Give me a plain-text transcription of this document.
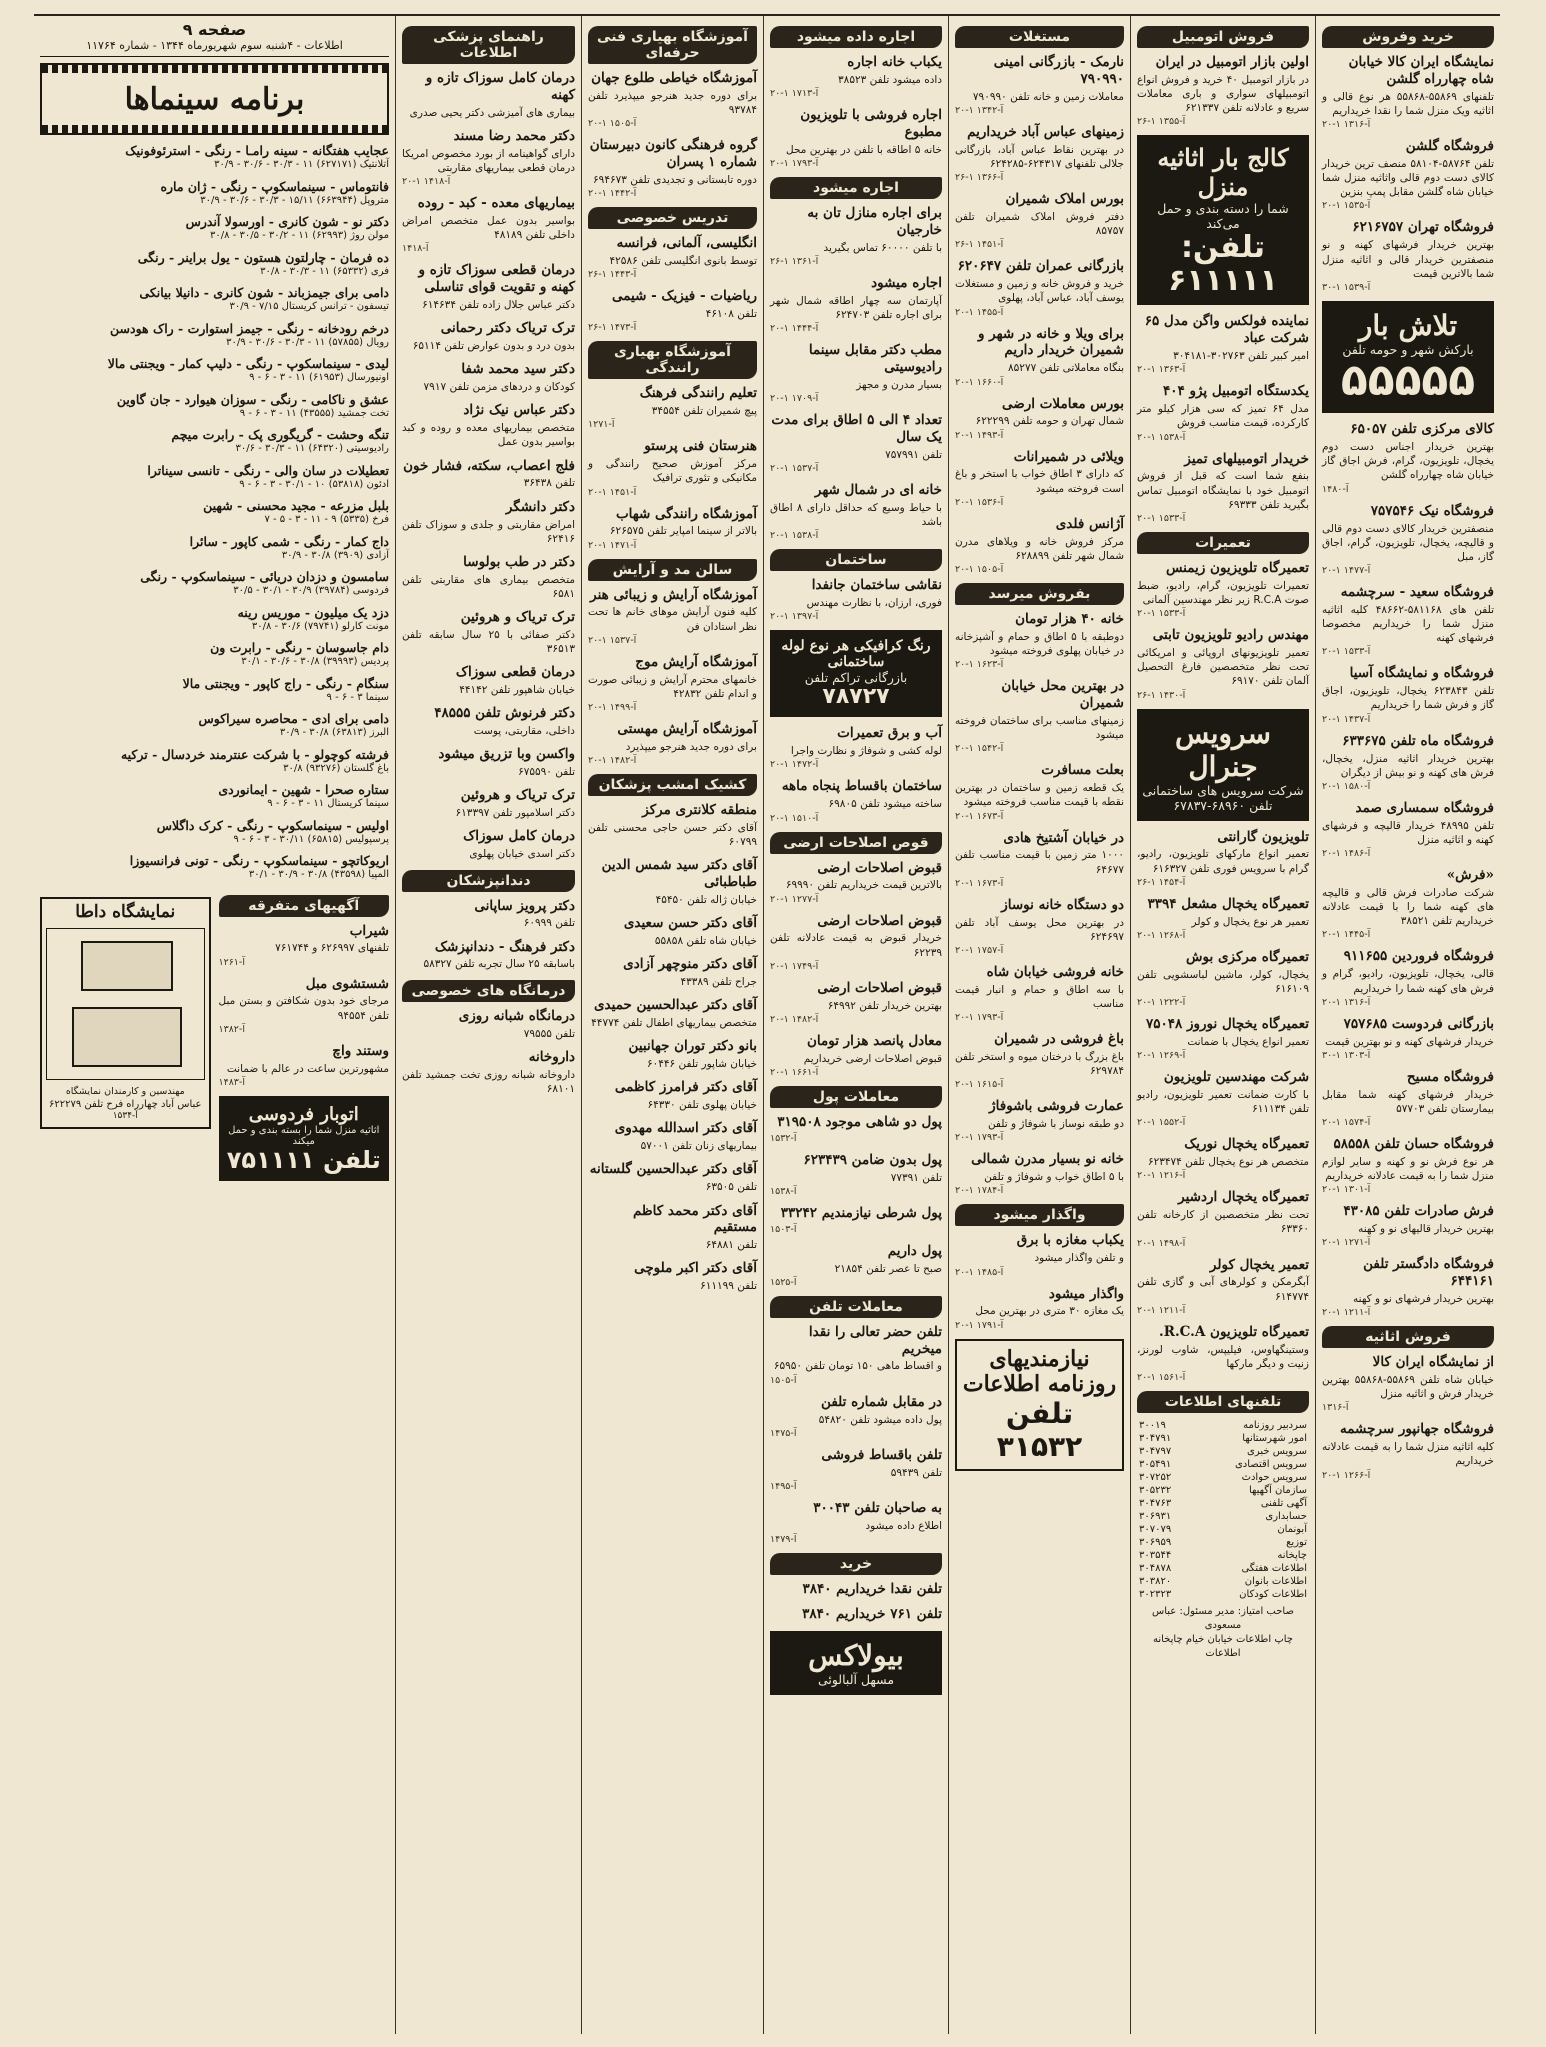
خرید وفروش
نمایشگاه ایران کالا خیابان شاه چهارراه گلشن

تلفنهای ۵۵۸۶۹-۵۵۸۶۸ هر نوع قالی و اثاثیه ویک منزل شما را نقدا خریداریم

۲۰-۱ آ-۱۳۱۶
فروشگاه گلشن

تلفن ۵۸۷۶۴-۵۸۱۰۴ منصف ترین خریدار کالای دست دوم قالی واثاثیه منزل شما خیابان شاه گلشن مقابل پمپ بنزین

۲۰-۱ آ-۱۵۳۵
فروشگاه تهران ۶۲۱۶۷۵۷

بهترین خریدار فرشهای کهنه و نو منصفترین خریدار قالی و اثاثیه منزل شما بالاترین قیمت

۳۰-۱ آ-۱۵۳۹
تلاش بار
بارکش شهر و حومه تلفن
۵۵۵۵۵
کالای مرکزی تلفن ۶۵۰۵۷

بهترین خریدار اجناس دست دوم یخچال، تلویزیون، گرام، فرش اجاق گاز خیابان شاه چهارراه گلشن

آ-۱۴۸۰
فروشگاه نیک ۷۵۷۵۴۶

منصفترین خریدار کالای دست دوم قالی و قالیچه، یخچال، تلویزیون، گرام، اجاق گاز، مبل

۲۰-۱ آ-۱۴۷۷
فروشگاه سعید - سرچشمه

تلفن های ۵۸۱۱۶۸-۴۸۶۶۲ کلیه اثاثیه منزل شما را خریداریم مخصوصا فرشهای کهنه

۲۰-۱ آ-۱۵۳۳
فروشگاه و نمایشگاه آسیا

تلفن ۶۲۳۸۴۳ یخچال، تلویزیون، اجاق گاز و فرش شما را خریداریم

۲۰-۱ آ-۱۴۳۷
فروشگاه ماه تلفن ۶۳۳۶۷۵

بهترین خریدار اثاثیه منزل، یخچال، فرش های کهنه و نو بیش از دیگران

۲۰-۱ آ-۱۵۸۰
فروشگاه سمساری صمد

تلفن ۴۸۹۹۵ خریدار قالیچه و فرشهای کهنه و اثاثیه منزل

۲۰-۱ آ-۱۴۸۶
«فرش»

شرکت صادرات فرش قالی و قالیچه های کهنه شما را با قیمت عادلانه خریداریم تلفن ۳۸۵۲۱

۲۰-۱ آ-۱۴۴۵
فروشگاه فروردین ۹۱۱۶۵۵

قالی، یخچال، تلویزیون، رادیو، گرام و فرش های کهنه شما را خریداریم

۲۰-۱ آ-۱۳۱۶
بازرگانی فردوست ۷۵۷۶۸۵

خریدار فرشهای کهنه و نو بهترین قیمت

۳۰-۱ آ-۱۳۰۳
فروشگاه مسیح

خریدار فرشهای کهنه شما مقابل بیمارستان تلفن ۵۷۷۰۳

۲۰-۱ آ-۱۵۷۴
فروشگاه حسان تلفن ۵۸۵۵۸

هر نوع فرش نو و کهنه و سایر لوازم منزل شما را به قیمت عادلانه خریداریم

۲۰-۱ آ-۱۳۰۱
فرش صادرات تلفن ۴۳۰۸۵

بهترین خریدار قالیهای نو و کهنه

۲۰-۱ آ-۱۲۷۱
فروشگاه دادگستر تلفن ۶۴۴۱۶۱

بهترین خریدار فرشهای نو و کهنه

۲۰-۱ آ-۱۲۱۱
فروش اثاثیه
از نمایشگاه ایران کالا

خیابان شاه تلفن ۵۵۸۶۹-۵۵۸۶۸ بهترین خریدار فرش و اثاثیه منزل

آ-۱۳۱۶
فروشگاه جهانپور سرچشمه

کلیه اثاثیه منزل شما را به قیمت عادلانه خریداریم

۲۰-۱ آ-۱۲۶۶
فروش اتومبیل
اولین بازار اتومبیل در ایران

در بازار اتومبیل ۴۰ خرید و فروش انواع اتومبیلهای سواری و باری معاملات سریع و عادلانه تلفن ۶۲۱۳۳۷

۲۶-۱ آ-۱۳۵۵
کالج بار اثاثیه منزل
شما را دسته بندی و حمل می‌کند
تلفن: ۶۱۱۱۱۱
نماینده فولکس واگن مدل ۶۵ شرکت عباد

امیر کبیر تلفن ۳۰۲۷۶۳-۳۰۴۱۸۱

۲۰-۱ آ-۱۳۶۳
یکدستگاه اتومبیل پژو ۴۰۴

مدل ۶۴ تمیز که سی هزار کیلو متر کارکرده، قیمت مناسب فروش

۲۰-۱ آ-۱۵۳۸
خریدار اتومبیلهای تمیز

بنفع شما است که قبل از فروش اتومبیل خود با نمایشگاه اتومبیل تماس بگیرید تلفن ۶۹۳۳۳

۲۰-۱ آ-۱۵۳۳
تعمیرات
تعمیرگاه تلویزیون زیمنس

تعمیرات تلویزیون، گرام، رادیو، ضبط صوت R.C.A زیر نظر مهندسین آلمانی

۲۰-۱ آ-۱۵۳۳
مهندس رادیو تلویزیون تابتی

تعمیر تلویزیونهای اروپائی و امریکائی تحت نظر متخصصین فارغ التحصیل آلمان تلفن ۶۹۱۷۰

۲۶-۱ آ-۱۴۳۰
سرویس جنرال
شرکت سرویس های ساختمانی تلفن ۶۸۹۶۰-۶۷۸۳۷
تلویزیون گارانتی

تعمیر انواع مارکهای تلویزیون، رادیو، گرام با سرویس فوری تلفن ۶۱۶۳۲۷

۲۶-۱ آ-۱۴۵۴
تعمیرگاه یخچال مشعل ۳۳۹۴

تعمیر هر نوع یخچال و کولر

۲۰-۱ آ-۱۲۶۸
تعمیرگاه مرکزی بوش

یخچال، کولر، ماشین لباسشویی تلفن ۶۱۶۱۰۹

۲۰-۱ آ-۱۲۲۲
تعمیرگاه یخچال نوروز ۷۵۰۴۸

تعمیر انواع یخچال با ضمانت

۲۰-۱ آ-۱۲۶۹
شرکت مهندسین تلویزیون

با کارت ضمانت تعمیر تلویزیون، رادیو تلفن ۶۱۱۱۳۴

۲۰-۱ آ-۱۵۵۲
تعمیرگاه یخچال نوریک

متخصص هر نوع یخچال تلفن ۶۲۳۴۷۴

۲۰-۱ آ-۱۲۱۶
تعمیرگاه یخچال اردشیر

تحت نظر متخصصین از کارخانه تلفن ۶۳۳۶۰

۲۰-۱ آ-۱۴۹۸
تعمیر یخچال کولر

آبگرمکن و کولرهای آبی و گازی تلفن ۶۱۴۷۷۴

۲۰-۱ آ-۱۲۱۱
تعمیرگاه تلویزیون R.C.A.

وستینگهاوس، فیلیپس، شاوب لورنز، زنیت و دیگر مارکها

۲۰-۱ آ-۱۵۶۱
تلفنهای اطلاعات
سردبیر روزنامه	۳۰۰۱۹
امور شهرستانها	۳۰۴۷۹۱
سرویس خبری	۳۰۴۷۹۷
سرویس اقتصادی	۳۰۵۴۹۱
سرویس حوادث	۳۰۷۲۵۲
سازمان آگهیها	۳۰۵۲۳۲
آگهی تلفنی	۳۰۴۷۶۳
حسابداری	۳۰۶۹۳۱
آبونمان	۳۰۷۰۷۹
توزیع	۳۰۶۹۵۹
چاپخانه	۳۰۳۵۴۴
اطلاعات هفتگی	۳۰۴۸۷۸
اطلاعات بانوان	۳۰۳۸۲۰
اطلاعات کودکان	۳۰۲۳۲۳
صاحب امتیاز: مدیر مسئول: عباس مسعودی
چاپ اطلاعات خیابان خیام چاپخانه اطلاعات
مستغلات
نارمک - بازرگانی امینی ۷۹۰۹۹۰

معاملات زمین و خانه تلفن ۷۹۰۹۹۰

۲۰-۱ آ-۱۳۴۲
زمینهای عباس آباد خریداریم

در بهترین نقاط عباس آباد، بازرگانی جلالی تلفنهای ۶۲۴۳۱۷-۶۲۴۲۸۵

۲۶-۱ آ-۱۳۶۶
بورس املاک شمیران

دفتر فروش املاک شمیران تلفن ۸۵۷۵۷

۲۶-۱ آ-۱۴۵۱
بازرگانی عمران تلفن ۶۲۰۶۴۷

خرید و فروش خانه و زمین و مستغلات یوسف آباد، عباس آباد، پهلوی

۲۰-۱ آ-۱۴۵۵
برای ویلا و خانه در شهر و شمیران خریدار داریم

بنگاه معاملاتی تلفن ۸۵۲۷۷

۲۰-۱ آ-۱۶۶۰
بورس معاملات ارضی

شمال تهران و حومه تلفن ۶۲۲۲۹۹

۲۰-۱ آ-۱۴۹۳
ویلائی در شمیرانات

که دارای ۳ اطاق خواب با استخر و باغ است فروخته میشود

۲۰-۱ آ-۱۵۳۶
آژانس فلدی

مرکز فروش خانه و ویلاهای مدرن شمال شهر تلفن ۶۲۸۸۹۹

۲۰-۱ آ-۱۵۰۵
بفروش میرسد
خانه ۴۰ هزار تومان

دوطبقه با ۵ اطاق و حمام و آشپزخانه در خیابان پهلوی فروخته میشود

۲۰-۱ آ-۱۶۲۳
در بهترین محل خیابان شمیران

زمینهای مناسب برای ساختمان فروخته میشود

۲۰-۱ آ-۱۵۴۲
بعلت مسافرت

یک قطعه زمین و ساختمان در بهترین نقطه با قیمت مناسب فروخته میشود

۲۰-۱ آ-۱۶۷۳
در خیابان آشتیخ هادی

۱۰۰۰ متر زمین با قیمت مناسب تلفن ۶۴۶۷۷

۲۰-۱ آ-۱۶۷۳
دو دستگاه خانه نوساز

در بهترین محل یوسف آباد تلفن ۶۲۴۶۹۷

۲۰-۱ آ-۱۷۵۷
خانه فروشی خیابان شاه

با سه اطاق و حمام و انبار قیمت مناسب

۲۰-۱ آ-۱۷۹۳
باغ فروشی در شمیران

باغ بزرگ با درختان میوه و استخر تلفن ۶۲۹۷۸۴

۲۰-۱ آ-۱۶۱۵
عمارت فروشی باشوفاژ

دو طبقه نوساز با شوفاژ و تلفن

۲۰-۱ آ-۱۷۹۳
خانه نو بسیار مدرن شمالی

با ۵ اطاق خواب و شوفاژ و تلفن

۲۰-۱ آ-۱۷۸۴
واگذار میشود
یکباب مغازه با برق

و تلفن واگذار میشود

۲۰-۱ آ-۱۴۸۵
واگذار میشود

یک مغازه ۳۰ متری در بهترین محل

۲۰-۱ آ-۱۷۹۱
نیازمندیهای روزنامه اطلاعات
تلفن ۳۱۵۳۲
اجاره داده میشود
یکباب خانه اجاره

داده میشود تلفن ۳۸۵۲۳

۲۰-۱ آ-۱۷۱۳
اجاره فروشی با تلویزیون مطبوع

خانه ۵ اطاقه با تلفن در بهترین محل

۲۰-۱ آ-۱۷۹۳
اجاره میشود
برای اجاره منازل تان به خارجیان

با تلفن ۶۰۰۰۰ تماس بگیرید

۲۶-۱ آ-۱۳۶۱
اجاره میشود

آپارتمان سه چهار اطاقه شمال شهر برای اجاره تلفن ۶۲۴۷۰۳

۲۰-۱ آ-۱۴۴۴
مطب دکتر مقابل سینما رادیوسیتی

بسیار مدرن و مجهز

۲۰-۱ آ-۱۷۰۹
تعداد ۴ الی ۵ اطاق برای مدت یک سال

تلفن ۷۵۷۹۹۱

۲۰-۱ آ-۱۵۳۷
خانه ای در شمال شهر

با حیاط وسیع که حداقل دارای ۸ اطاق باشد

۲۰-۱ آ-۱۵۳۸
ساختمان
نقاشی ساختمان جانفدا

فوری، ارزان، با نظارت مهندس

۲۰-۱ آ-۱۳۹۷
رنگ کرافیکی هر نوع لوله ساختمانی
بازرگانی تراکم تلفن
۷۸۷۲۷
آب و برق تعمیرات

لوله کشی و شوفاژ و نظارت واجرا

۲۰-۱ آ-۱۴۷۲
ساختمان باقساط پنجاه ماهه

ساخته میشود تلفن ۶۹۸۰۵

۲۰-۱ آ-۱۵۱۰
قوص اصلاحات ارضی
قبوض اصلاحات ارضی

بالاترین قیمت خریداریم تلفن ۶۹۹۹۰

۲۰-۱ آ-۱۲۷۷
قبوض اصلاحات ارضی

خریدار قبوض به قیمت عادلانه تلفن ۶۲۲۳۹

۲۰-۱ آ-۱۷۴۹
قبوض اصلاحات ارضی

بهترین خریدار تلفن ۶۴۹۹۲

۲۰-۱ آ-۱۴۸۲
معادل پانصد هزار تومان

قبوض اصلاحات ارضی خریداریم

۲۰-۱ آ-۱۶۶۱
معاملات پول
پول دو شاهی موجود ۳۱۹۵۰۸

آ-۱۵۳۲
پول بدون ضامن ۶۲۳۴۳۹

تلفن ۷۷۳۹۱

آ-۱۵۳۸
پول شرطی نیازمندیم ۳۳۲۴۲

آ-۱۵۰۳
پول داریم

صبح تا عصر تلفن ۲۱۸۵۴

آ-۱۵۲۵
معاملات تلفن
تلفن حضر تعالی را نقدا میخریم

و اقساط ماهی ۱۵۰ تومان تلفن ۶۵۹۵۰

آ-۱۵۰۵
در مقابل شماره تلفن

پول داده میشود تلفن ۵۴۸۲۰

آ-۱۴۷۵
تلفن باقساط فروشی

تلفن ۵۹۴۳۹

آ-۱۴۹۵
به صاحبان تلفن ۳۰۰۴۳

اطلاع داده میشود

آ-۱۴۷۹
خرید
تلفن نقدا خریداریم ۳۸۴۰

تلفن ۷۶۱ خریداریم ۳۸۴۰

بیولاکس
مسهل آلبالوئی
آموزشگاه بهیاری فنی حرفه‌ای
آموزشگاه خیاطی طلوع جهان

برای دوره جدید هنرجو میپذیرد تلفن ۹۳۷۸۴

۲۰-۱ آ-۱۵۰۵
گروه فرهنگی کانون دبیرستان شماره ۱ پسران

دوره تابستانی و تجدیدی تلفن ۶۹۴۶۷۳

۲۰-۱ آ-۱۴۴۲
تدریس خصوصی
انگلیسی، آلمانی، فرانسه

توسط بانوی انگلیسی تلفن ۴۲۵۸۶

۲۶-۱ آ-۱۴۴۳
ریاضیات - فیزیک - شیمی

تلفن ۴۶۱۰۸

۲۶-۱ آ-۱۴۷۳
آموزشگاه بهیاری رانندگی
تعلیم رانندگی فرهنگ

پیچ شمیران تلفن ۳۴۵۵۴

آ-۱۲۷۱
هنرستان فنی پرستو

مرکز آموزش صحیح رانندگی و مکانیکی و تئوری ترافیک

۲۰-۱ آ-۱۴۵۱
آموزشگاه رانندگی شهاب

بالاتر از سینما امپایر تلفن ۶۲۶۵۷۵

۲۰-۱ آ-۱۴۷۱
سالن مد و آرایش
آموزشگاه آرایش و زیبائی هنر

کلیه فنون آرایش موهای خانم ها تحت نظر استادان فن

۲۰-۱ آ-۱۵۳۷
آموزشگاه آرایش موج

خانمهای محترم آرایش و زیبائی صورت و اندام تلفن ۴۲۸۳۲

۲۰-۱ آ-۱۴۹۹
آموزشگاه آرایش مهستی

برای دوره جدید هنرجو میپذیرد

۲۰-۱ آ-۱۴۸۲
کشیک امشب پزشکان
منطقه کلانتری مرکز

آقای دکتر حسن حاجی محسنی تلفن ۶۰۷۹۹

آقای دکتر سید شمس الدین طباطبائی

خیابان ژاله تلفن ۴۵۴۵۰

آقای دکتر حسن سعیدی

خیابان شاه تلفن ۵۵۸۵۸

آقای دکتر منوچهر آزادی

جراح تلفن ۴۳۳۸۹

آقای دکتر عبدالحسین حمیدی

متخصص بیماریهای اطفال تلفن ۴۴۷۷۴

بانو دکتر توران جهانبین

خیابان شاپور تلفن ۶۰۴۴۶

آقای دکتر فرامرز کاظمی

خیابان پهلوی تلفن ۶۴۳۳۰

آقای دکتر اسدالله مهدوی

بیماریهای زنان تلفن ۵۷۰۰۱

آقای دکتر عبدالحسین گلستانه

تلفن ۶۳۵۰۵

آقای دکتر محمد کاظم مستقیم

تلفن ۶۴۸۸۱

آقای دکتر اکبر ملوچی

تلفن ۶۱۱۱۹۹

راهنمای پزشکی اطلاعات
درمان کامل سوزاک تازه و کهنه

بیماری های آمیزشی دکتر یحیی صدری

دکتر محمد رضا مسند

دارای گواهینامه از بورد مخصوص امریکا درمان قطعی بیماریهای مقاربتی

۲۰-۱ آ-۱۴۱۸
بیماریهای معده - کبد - روده

بواسیر بدون عمل متخصص امراض داخلی تلفن ۴۸۱۸۹

آ-۱۴۱۸
درمان قطعی سوزاک تازه و کهنه و تقویت قوای تناسلی

دکتر عباس جلال زاده تلفن ۶۱۴۶۳۴

ترک تریاک دکتر رحمانی

بدون درد و بدون عوارض تلفن ۶۵۱۱۴

دکتر سید محمد شفا

کودکان و دردهای مزمن تلفن ۷۹۱۷

دکتر عباس نیک نژاد

متخصص بیماریهای معده و روده و کبد بواسیر بدون عمل

فلج اعصاب، سکته، فشار خون

تلفن ۳۶۴۳۸

دکتر دانشگر

امراض مقاربتی و جلدی و سوزاک تلفن ۶۲۴۱۶

دکتر در طب بولوسا

متخصص بیماری های مقاربتی تلفن ۶۵۸۱

ترک تریاک و هروئین

دکتر صفائی با ۲۵ سال سابقه تلفن ۳۶۵۱۳

درمان قطعی سوزاک

خیابان شاهپور تلفن ۴۴۱۴۲

دکتر فرنوش تلفن ۴۸۵۵۵

داخلی، مقاربتی، پوست

واکسن وبا تزریق میشود

تلفن ۶۷۵۵۹۰

ترک تریاک و هروئین

دکتر اسلامپور تلفن ۶۱۳۳۹۷

درمان کامل سوزاک

دکتر اسدی خیابان پهلوی

دندانپزشکان
دکتر پرویز ساپانی

تلفن ۶۰۹۹۹

دکتر فرهنگ - دندانپزشک

باسابقه ۲۵ سال تجربه تلفن ۵۸۳۲۷

درمانگاه های خصوصی
درمانگاه شبانه روزی

تلفن ۷۹۵۵۵

داروخانه

داروخانه شبانه روزی تخت جمشید تلفن ۶۸۱۰۱

صفحه ۹
اطلاعات - ۴شنبه سوم شهریورماه ۱۳۴۴ - شماره ۱۱۷۶۴
برنامه سینماها
عجایب هفتگانه - سینه رامـا - رنگی - استرئوفونیک

آتلانتیک (۶۲۷۱۷۱) ۱۱ - ۳۰/۳ - ۳۰/۶ - ۳۰/۹

فانتوماس - سینماسکوپ - رنگی - ژان ماره

متروپل (۶۶۳۹۴۴) ۱۵/۱۱ - ۳۰/۳ - ۳۰/۶ - ۳۰/۹

دکتر نو - شون کانری - اورسولا آندرس

مولن روژ (۶۲۹۹۳) ۱۱ - ۳۰/۲ - ۳۰/۵ - ۳۰/۸

ده فرمان - چارلتون هستون - یول براینر - رنگی

فری (۶۵۳۳۲) ۱۱ - ۳۰/۳ - ۳۰/۸

دامی برای جیمزباند - شون کانری - دانیلا بیانکی

تیسفون - ترانس کریستال ۷/۱۵ - ۳۰/۹

درخم رودخانه - رنگی - جیمز استوارت - راک هودسن

رویال (۵۷۸۵۵) ۱۱ - ۳۰/۳ - ۳۰/۶ - ۳۰/۹

لیدی - سینماسکوپ - رنگی - دلیپ کمار - ویجنتی مالا

اونیورسال (۶۱۹۵۳) ۱۱ - ۳ - ۶ - ۹

عشق و ناکامی - رنگی - سوزان هیوارد - جان گاوین

تخت جمشید (۴۳۵۵۵) ۱۱ - ۳ - ۶ - ۹

تنگه وحشت - گریگوری پک - رابرت میچم

رادیوسیتی (۶۴۳۲۰) ۱۱ - ۳۰/۳ - ۳۰/۶

تعطیلات در سان والی - رنگی - تانسی سیناترا

ادئون (۵۳۸۱۸) ۱۰ - ۳۰/۱ - ۳ - ۶ - ۹

بلبل مزرعه - مجید محسنی - شهین

فرخ (۵۳۳۵) ۹ - ۱۱ - ۳ - ۵ - ۷

داج کمار - رنگی - شمی کاپور - سائرا

آزادی (۳۹۰۹) ۳۰/۸ - ۳۰/۹

سامسون و دزدان دریائی - سینماسکوپ - رنگی

فردوسی (۳۹۷۸۴) ۳۰/۹ - ۳۰/۱ - ۳۰/۵

دزد یک میلیون - موریس رینه

مونت کارلو (۷۹۷۴۱) ۳۰/۶ - ۳۰/۸

دام جاسوسان - رنگی - رابرت ون

پردیس (۳۹۹۹۳) ۳۰/۸ - ۳۰/۶ - ۳۰/۱

سنگام - رنگی - راج کاپور - ویجنتی مالا

سینما ۳ - ۶ - ۹

دامی برای ادی - محاصره سیراکوس

البرز (۶۳۸۱۳) ۳۰/۸ - ۳۰/۹

فرشته کوچولو - با شرکت عنترمند خردسال - ترکیه

باغ گلستان (۹۳۲۷۶) ۳۰/۸

ستاره صحرا - شهین - ایمانوردی

سینما کریستال ۱۱ - ۳ - ۶ - ۹

اولیس - سینماسکوپ - رنگی - کرک داگلاس

پرسپولیس (۶۵۸۱۵) ۳۰/۱۱ - ۳ - ۶ - ۹

اریوکاتچو - سینماسکوپ - رنگی - تونی فرانسیوزا

المپیا (۴۳۵۹۸) ۳۰/۸ - ۳۰/۹ - ۳۰/۱

آگهیهای متفرقه
شیراب

تلفنهای ۶۲۶۹۹۷ و ۷۶۱۷۴۴

آ-۱۲۶۱
شستشوی مبل

مرجای خود بدون شکافتن و بستن مبل تلفن ۹۴۵۵۴

آ-۱۳۸۲
وستند واچ

مشهورترین ساعت در عالم با ضمانت

آ-۱۴۸۳
اتوبار فردوسی
اثاثیه منزل شما را بسته بندی و حمل میکند
تلفن ۷۵۱۱۱۱
نمایشگاه داطا
مهندسین و کارمندان نمایشگاه
عباس آباد چهارراه فرح تلفن ۶۲۲۲۷۹
آ-۱۵۳۴
